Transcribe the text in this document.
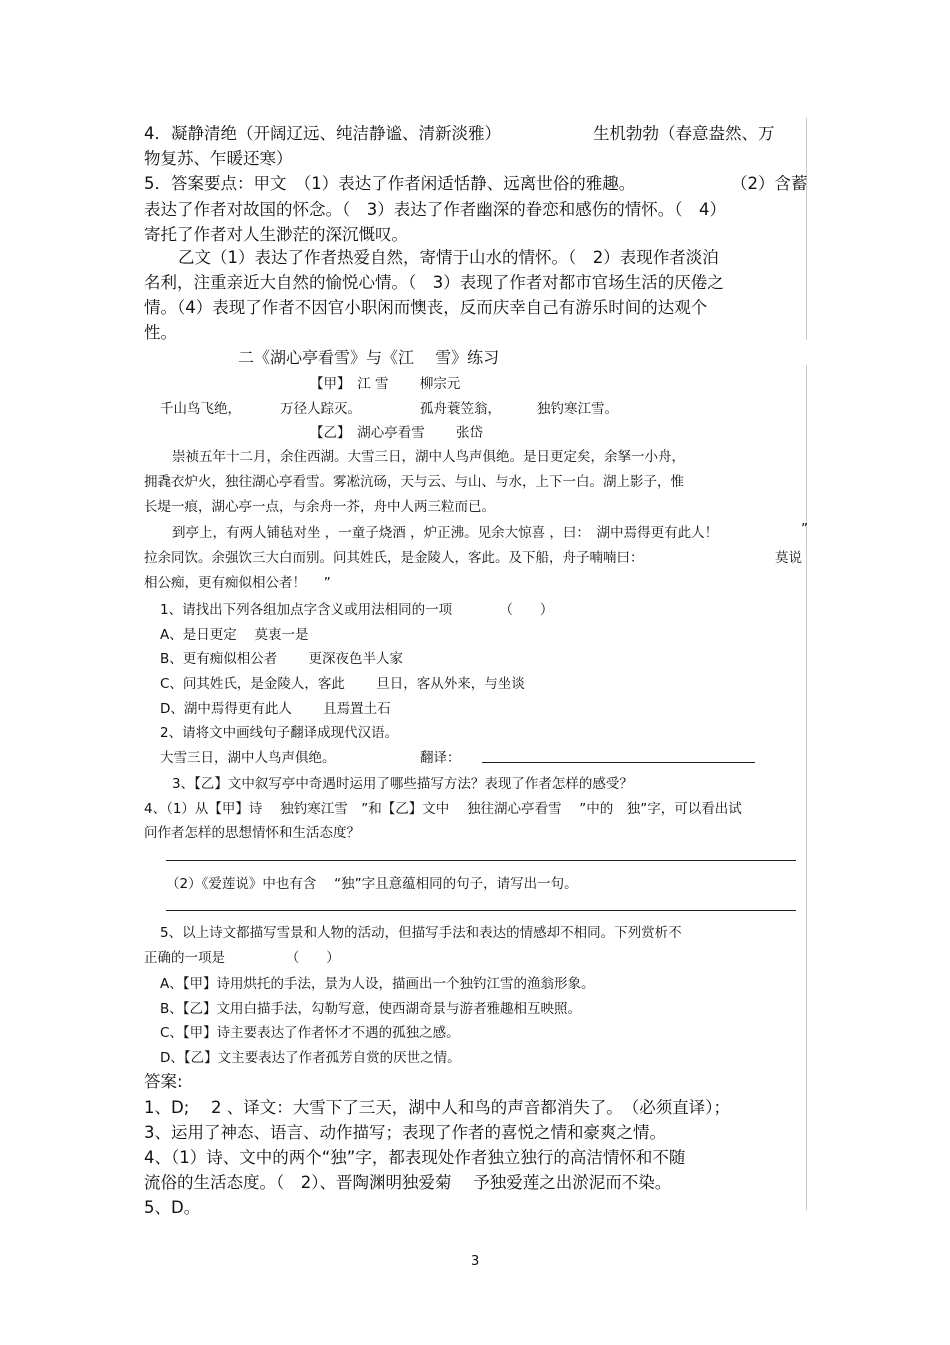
4．凝静清绝（开阔辽远、纯洁静谧、清新淡雅）	生机勃勃（春意盎然、万
物复苏、乍暖还寒）
5．答案要点：甲文　（1）表达了作者闲适恬静、远离世俗的雅趣。	（2）含蓄
表达了作者对故国的怀念。（　3）表达了作者幽深的眷恋和感伤的情怀。（　4）
寄托了作者对人生渺茫的深沉慨叹。
乙文（1）表达了作者热爱自然，寄情于山水的情怀。（　2）表现作者淡泊
名利，注重亲近大自然的愉悦心情。（　3）表现了作者对都市官场生活的厌倦之
情。（4）表现了作者不因官小职闲而懊丧，反而庆幸自己有游乐时间的达观个
性。
二《湖心亭看雪》与《江　 雪》练习
【甲】　江 雪　　 柳宗元
千山鸟飞绝，	万径人踪灭。	孤舟蓑笠翁，	独钓寒江雪。
【乙】　湖心亭看雪　　 张岱
崇祯五年十二月，余住西湖。大雪三日，湖中人鸟声俱绝。是日更定矣，余拏一小舟，
拥毳衣炉火，独往湖心亭看雪。雾凇沆砀，天与云、与山、与水，上下一白。湖上影子，惟
长堤一痕，湖心亭一点，与余舟一芥，舟中人两三粒而已。
到亭上，有两人铺毡对坐 ，一童子烧酒 ，炉正沸。见余大惊喜 ，曰：　湖中焉得更有此人！	”
拉余同饮。余强饮三大白而别。问其姓氏，是金陵人，客此。及下船，舟子喃喃曰：	莫说
相公痴，更有痴似相公者！　 ”
1、请找出下列各组加点字含义或用法相同的一项　　　　（　　）
A、是日更定　 莫衷一是
B、更有痴似相公者　　 更深夜色半人家
C、问其姓氏，是金陵人，客此　　 旦日，客从外来，与坐谈
D、湖中焉得更有此人　　 且焉置土石
2、请将文中画线句子翻译成现代汉语。
大雪三日，湖中人鸟声俱绝。	翻译：
3、【乙】文中叙写亭中奇遇时运用了哪些描写方法？表现了作者怎样的感受？
4、（1）从【甲】诗　 独钓寒江雪　”和【乙】文中　 独往湖心亭看雪　 ”中的　独”字，可以看出试
问作者怎样的思想情怀和生活态度？
（2）《爱莲说》中也有含　 “独”字且意蕴相同的句子，请写出一句。
5、以上诗文都描写雪景和人物的活动，但描写手法和表达的情感却不相同。下列赏析不
正确的一项是　　　　　（　　）
A、【甲】诗用烘托的手法，景为人设，描画出一个独钓江雪的渔翁形象。
B、【乙】文用白描手法，勾勒写意，使西湖奇景与游者雅趣相互映照。
C、【甲】诗主要表达了作者怀才不遇的孤独之感。
D、【乙】文主要表达了作者孤芳自赏的厌世之情。
答案:
1、D;　 2 、译文：大雪下了三天，湖中人和鸟的声音都消失了。　（必须直译）；
3、运用了神态、语言、动作描写；表现了作者的喜悦之情和豪爽之情。
4、（1）诗、文中的两个“独”字，都表现处作者独立独行的高洁情怀和不随
流俗的生活态度。（　2）、晋陶渊明独爱菊　 予独爱莲之出淤泥而不染。
5、D。
3
